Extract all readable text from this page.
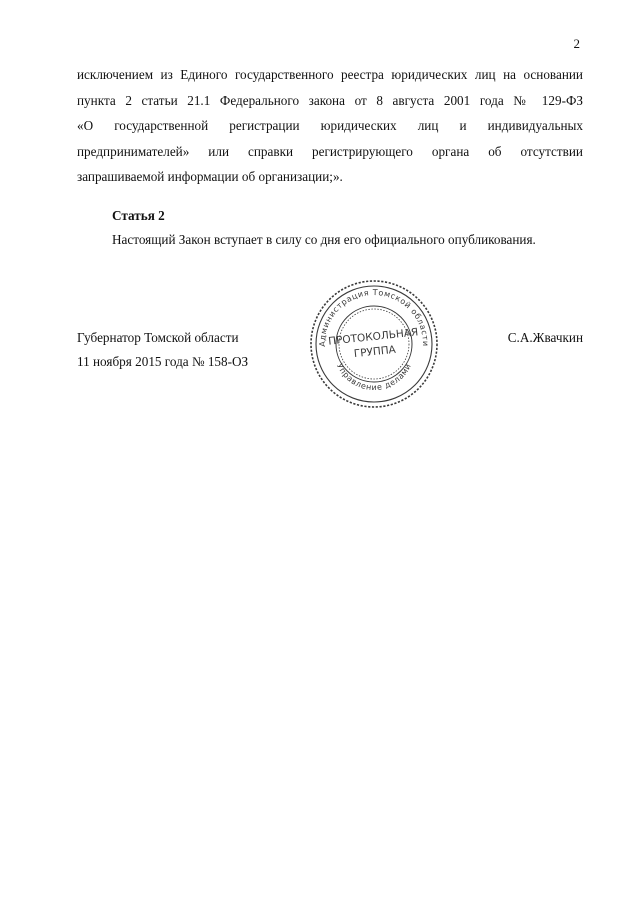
2
исключением из Единого государственного реестра юридических лиц на основании
пункта 2 статьи 21.1 Федерального закона от 8 августа 2001 года № 129-ФЗ
«О государственной регистрации юридических лиц и индивидуальных
предпринимателей» или справки регистрирующего органа об отсутствии
запрашиваемой информации об организации;».
Статья 2
Настоящий Закон вступает в силу со дня его официального опубликования.
Губернатор Томской области	С.А.Жвачкин
11 ноября 2015 года № 158-ОЗ
Администрация Томской области
Управление делами
ПРОТОКОЛЬНАЯ
ГРУППА
